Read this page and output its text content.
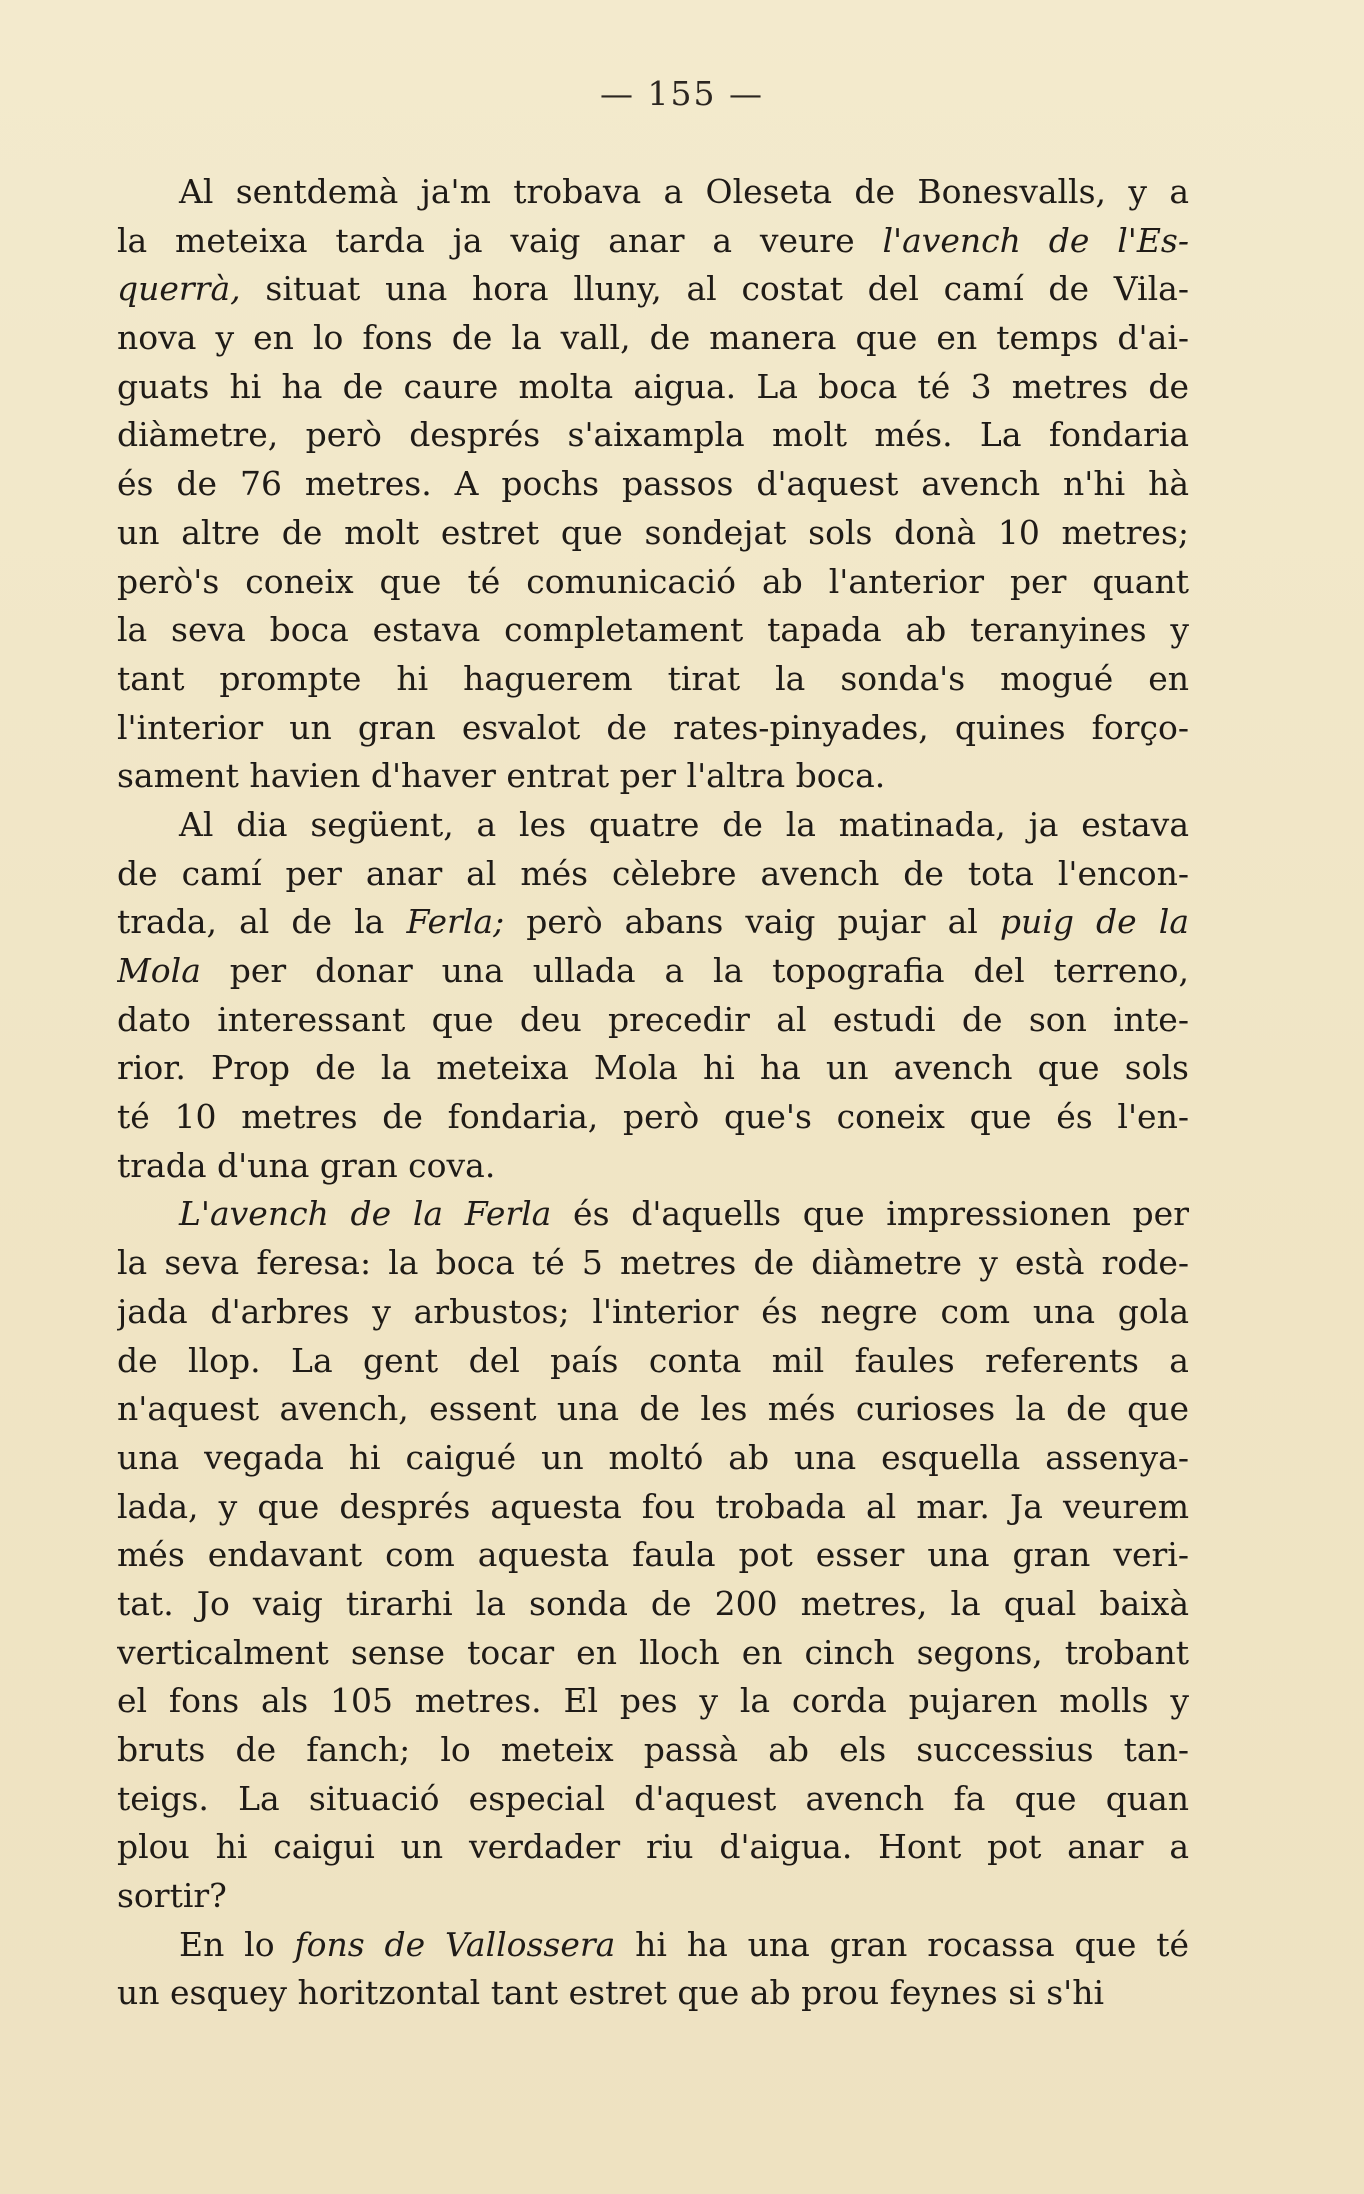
— 155 —
Al sentdemà ja'm trobava a Oleseta de Bonesvalls, y a
la meteixa tarda ja vaig anar a veure l'avench de l'Es-
querrà, situat una hora lluny, al costat del camí de Vila-
nova y en lo fons de la vall, de manera que en temps d'ai-
guats hi ha de caure molta aigua. La boca té 3 metres de
diàmetre, però després s'aixampla molt més. La fondaria
és de 76 metres. A pochs passos d'aquest avench n'hi hà
un altre de molt estret que sondejat sols donà 10 metres;
però's coneix que té comunicació ab l'anterior per quant
la seva boca estava completament tapada ab teranyines y
tant prompte hi haguerem tirat la sonda's mogué en
l'interior un gran esvalot de rates-pinyades, quines forço-
sament havien d'haver entrat per l'altra boca.
Al dia següent, a les quatre de la matinada, ja estava
de camí per anar al més cèlebre avench de tota l'encon-
trada, al de la Ferla; però abans vaig pujar al puig de la
Mola per donar una ullada a la topografia del terreno,
dato interessant que deu precedir al estudi de son inte-
rior. Prop de la meteixa Mola hi ha un avench que sols
té 10 metres de fondaria, però que's coneix que és l'en-
trada d'una gran cova.
L'avench de la Ferla és d'aquells que impressionen per
la seva feresa: la boca té 5 metres de diàmetre y està rode-
jada d'arbres y arbustos; l'interior és negre com una gola
de llop. La gent del país conta mil faules referents a
n'aquest avench, essent una de les més curioses la de que
una vegada hi caigué un moltó ab una esquella assenya-
lada, y que després aquesta fou trobada al mar. Ja veurem
més endavant com aquesta faula pot esser una gran veri-
tat. Jo vaig tirarhi la sonda de 200 metres, la qual baixà
verticalment sense tocar en lloch en cinch segons, trobant
el fons als 105 metres. El pes y la corda pujaren molls y
bruts de fanch; lo meteix passà ab els successius tan-
teigs. La situació especial d'aquest avench fa que quan
plou hi caigui un verdader riu d'aigua. Hont pot anar a
sortir?
En lo fons de Vallossera hi ha una gran rocassa que té
un esquey horitzontal tant estret que ab prou feynes si s'hi
